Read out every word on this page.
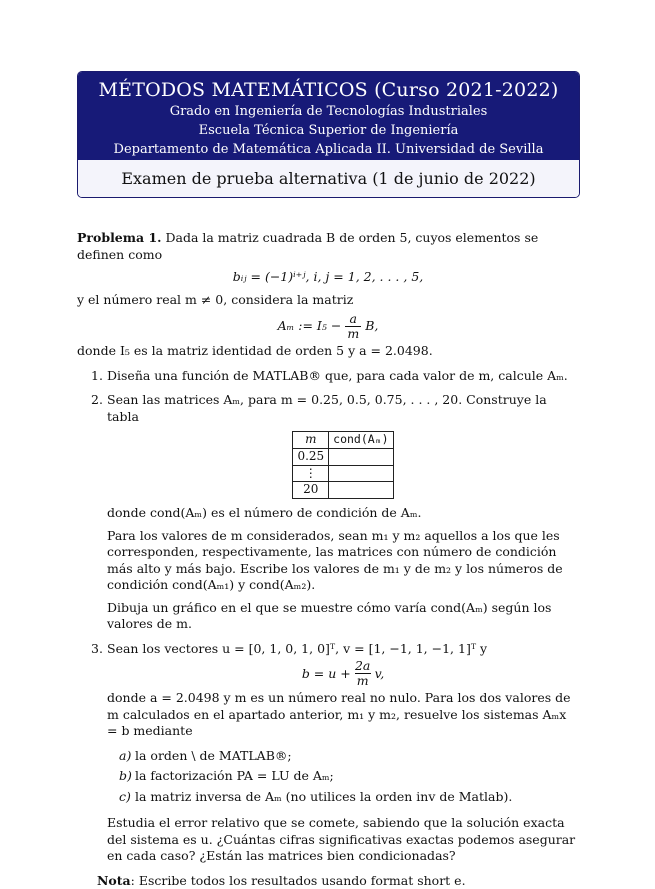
MÉTODOS MATEMÁTICOS (Curso 2021-2022)
Grado en Ingeniería de Tecnologías Industriales
Escuela Técnica Superior de Ingeniería
Departamento de Matemática Aplicada II. Universidad de Sevilla
Examen de prueba alternativa (1 de junio de 2022)

Problema 1. Dada la matriz cuadrada B de orden 5, cuyos elementos se definen como

bᵢⱼ = (−1)ⁱ⁺ʲ, i, j = 1, 2, . . . , 5,

y el número real m ≠ 0, considera la matriz

Aₘ := $I_5 - \frac{a}{m} B$,

donde I₅ es la matriz identidad de orden 5 y a = 2.0498.

1. Diseña una función de MATLAB® que, para cada valor de m, calcule Aₘ.

2. Sean las matrices Aₘ, para m = 0.25, 0.5, 0.75, . . . , 20. Construye la tabla

m	cond(Aₘ)
0.25	
⋮	
20	

donde cond(Aₘ) es el número de condición de Aₘ.

Para los valores de m considerados, sean m₁ y m₂ aquellos a los que les corresponden, respectivamente, las matrices con número de condición más alto y más bajo. Escribe los valores de m₁ y de m₂ y los números de condición cond(Aₘ₁) y cond(Aₘ₂).

Dibuja un gráfico en el que se muestre cómo varía cond(Aₘ) según los valores de m.

3. Sean los vectores u = [0, 1, 0, 1, 0]ᵀ, v = [1, −1, 1, −1, 1]ᵀ y

$b = u + \frac{2a}{m} v$,

donde a = 2.0498 y m es un número real no nulo. Para los dos valores de m calculados en el apartado anterior, m₁ y m₂, resuelve los sistemas Aₘx = b mediante

a) la orden \ de MATLAB®;

b) la factorización PA = LU de Aₘ;

c) la matriz inversa de Aₘ (no utilices la orden inv de Matlab).

Estudia el error relativo que se comete, sabiendo que la solución exacta del sistema es u. ¿Cuántas cifras significativas exactas podemos asegurar en cada caso? ¿Están las matrices bien condicionadas?

Nota: Escribe todos los resultados usando format short e.
